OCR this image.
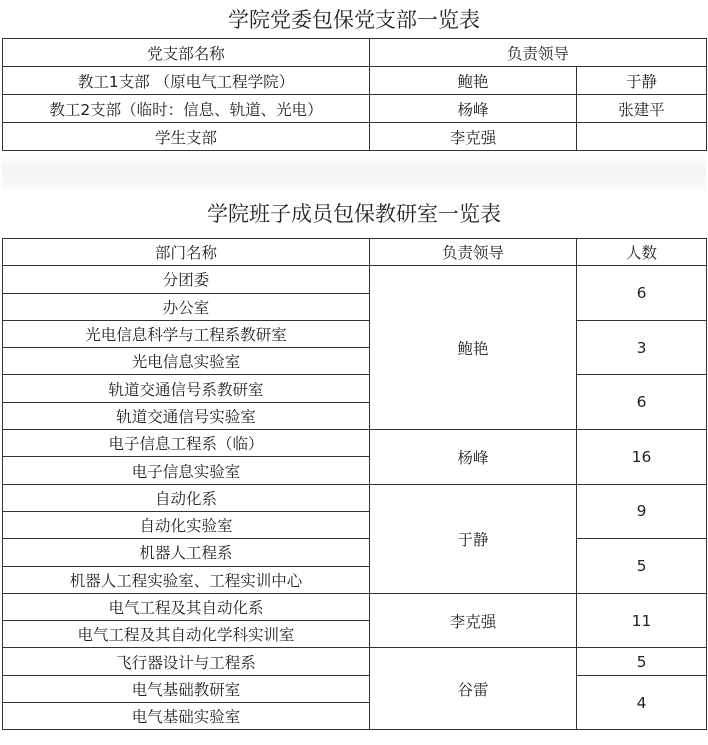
学院党委包保党支部一览表
党支部名称	负责领导	
教工1支部 （原电气工程学院）	鲍艳	于静
教工2支部（临时：信息、轨道、光电）	杨峰	张建平
学生支部	李克强	
学院班子成员包保教研室一览表
部门名称	负责领导	人数
分团委	鲍艳	6
办公室		
光电信息科学与工程系教研室		3
光电信息实验室		
轨道交通信号系教研室		6
轨道交通信号实验室		
电子信息工程系（临）	杨峰	16
电子信息实验室		
自动化系	于静	9
自动化实验室		
机器人工程系		5
机器人工程实验室、工程实训中心		
电气工程及其自动化系	李克强	11
电气工程及其自动化学科实训室		
飞行器设计与工程系	谷雷	5
电气基础教研室		4
电气基础实验室		
